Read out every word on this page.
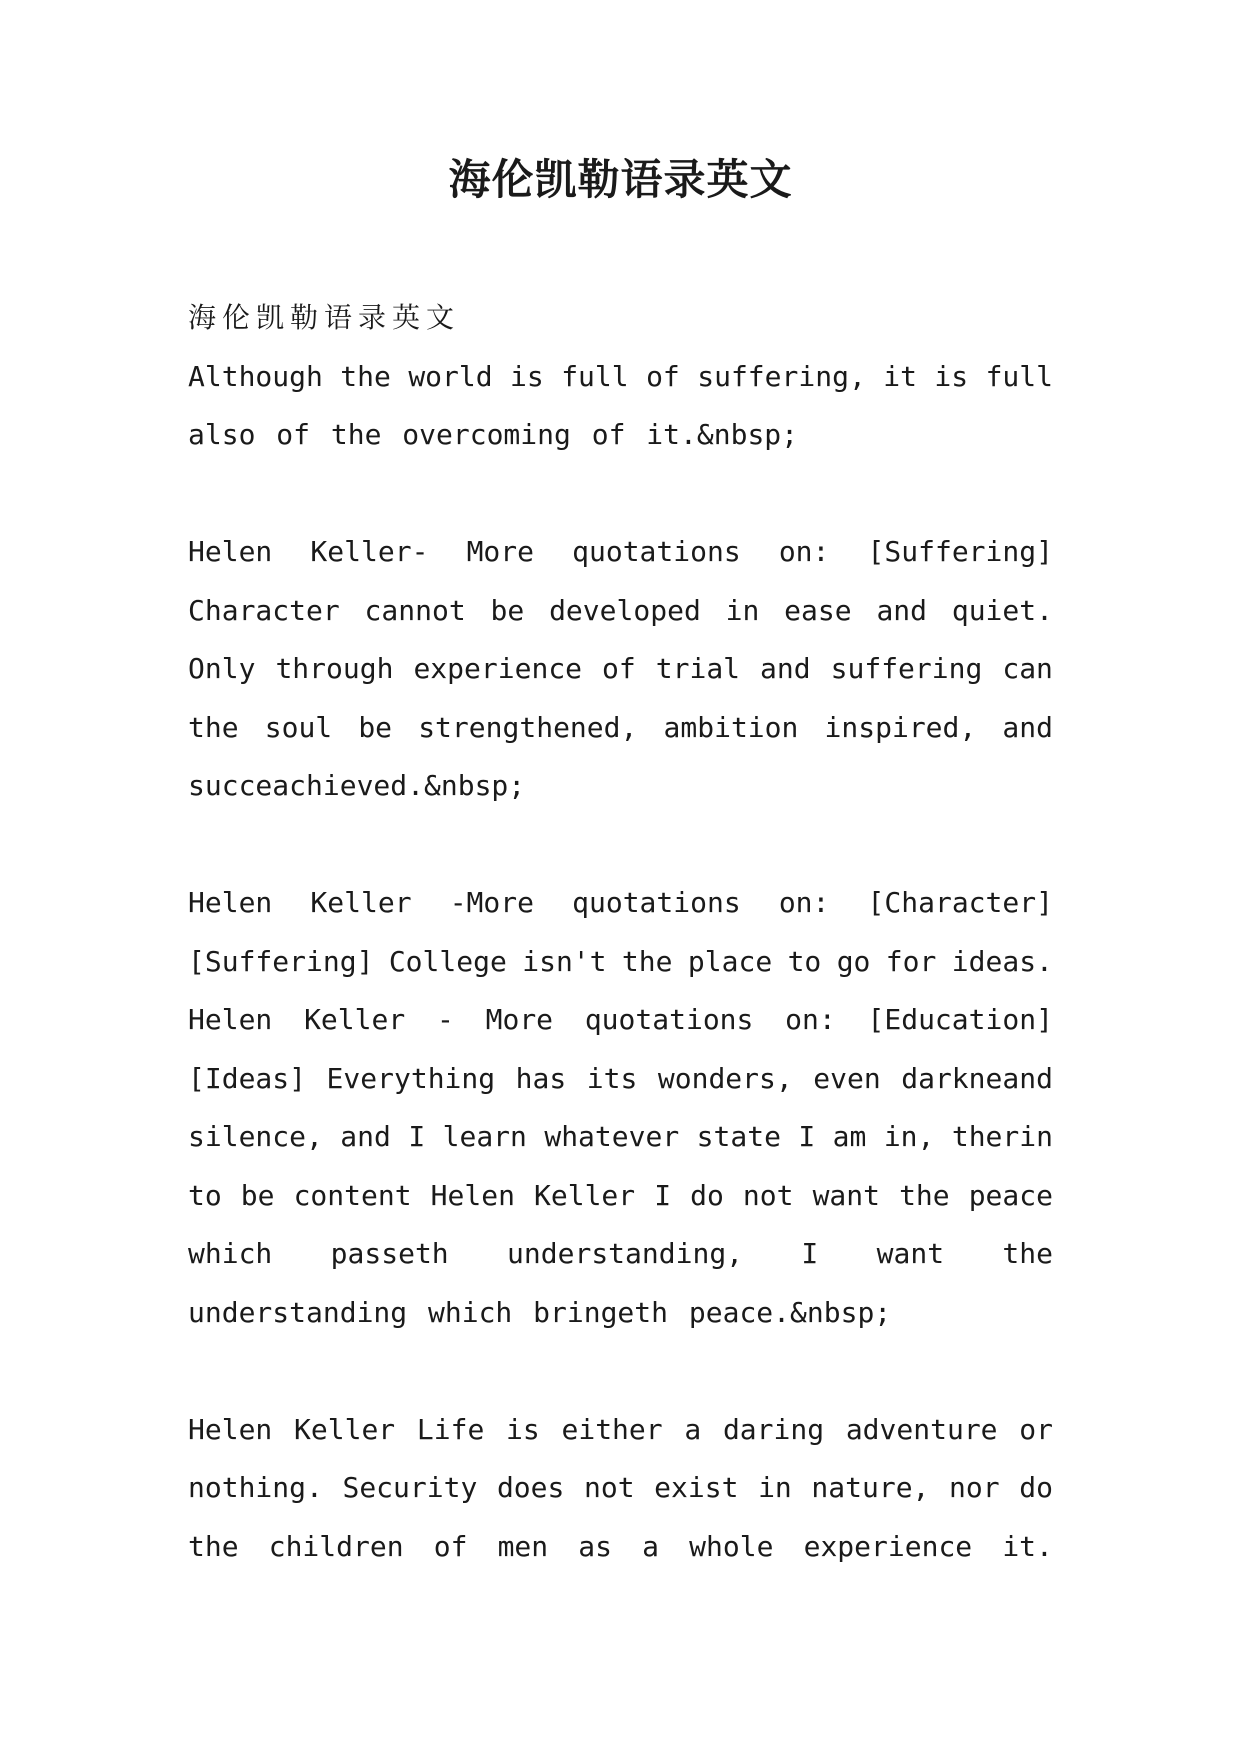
海伦凯勒语录英文
海伦凯勒语录英文
Although the world is full of suffering, it is full
also of the overcoming of it.&nbsp;
Helen Keller- More quotations on: [Suffering]
Character cannot be developed in ease and quiet.
Only through experience of trial and suffering can
the soul be strengthened, ambition inspired, and
succeachieved.&nbsp;
Helen Keller -More quotations on: [Character]
[Suffering] College isn't the place to go for ideas.
Helen Keller - More quotations on: [Education]
[Ideas] Everything has its wonders, even darkneand
silence, and I learn whatever state I am in, therin
to be content Helen Keller I do not want the peace
which passeth understanding, I want the
understanding which bringeth peace.&nbsp;
Helen Keller Life is either a daring adventure or
nothing. Security does not exist in nature, nor do
the children of men as a whole experience it.
